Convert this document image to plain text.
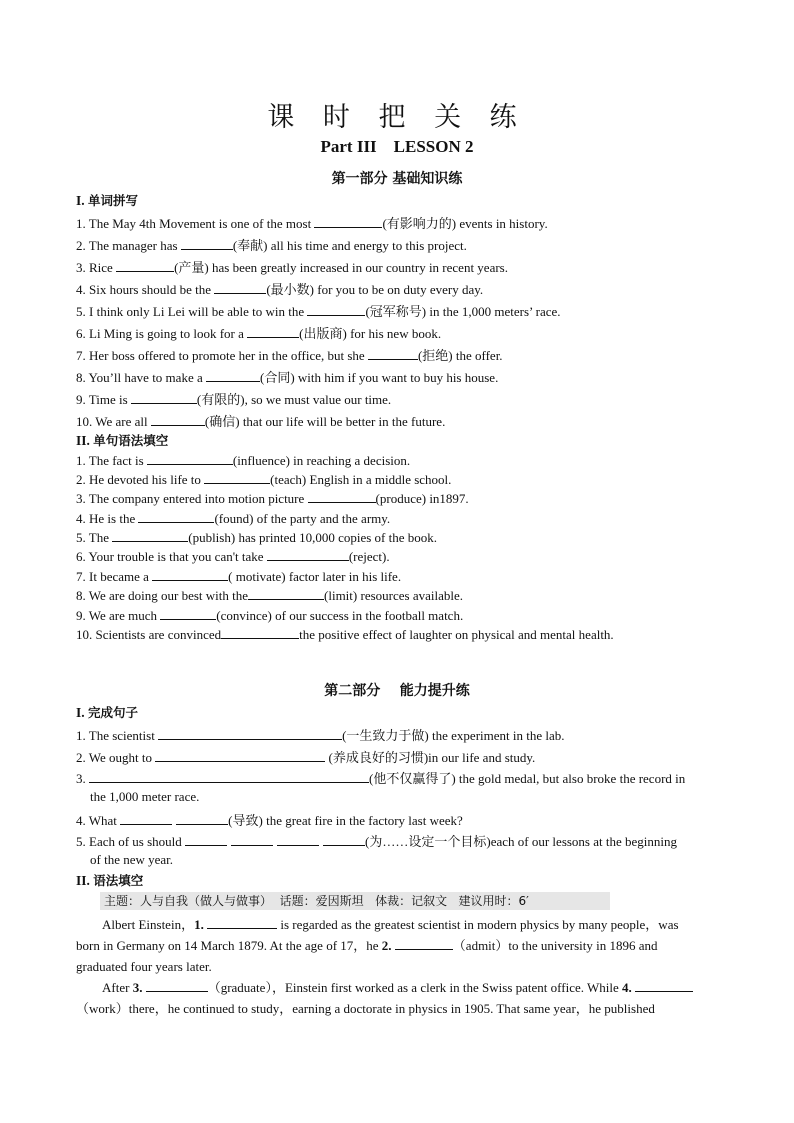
课 时 把 关 练
Part III    LESSON 2
第一部分 基础知识练
I. 单词拼写
1. The May 4th Movement is one of the most	(有影响力的) events in history.
2. The manager has	(奉献) all his time and energy to this project.
3. Rice	(产量) has been greatly increased in our country in recent years.
4. Six hours should be the	(最小数) for you to be on duty every day.
5. I think only Li Lei will be able to win the	(冠军称号) in the 1,000 meters’ race.
6. Li Ming is going to look for a	(出版商) for his new book.
7. Her boss offered to promote her in the office, but she	(拒绝) the offer.
8. You’ll have to make a	(合同) with him if you want to buy his house.
9. Time is	(有限的), so we must value our time.
10. We are all	(确信) that our life will be better in the future.
II. 单句语法填空
1. The fact is	(influence) in reaching a decision.
2. He devoted his life to	(teach) English in a middle school.
3. The company entered into motion picture	(produce) in1897.
4. He is the	(found) of the party and the army.
5. The	(publish) has printed 10,000 copies of the book.
6. Your trouble is that you can't take	(reject).
7. It became a	( motivate) factor later in his life.
8. We are doing our best with the	(limit) resources available.
9. We are much	(convince) of our success in the football match.
10. Scientists are convinced	the positive effect of laughter on physical and mental health.
第二部分    能力提升练
I. 完成句子
1. The scientist	(一生致力于做) the experiment in the lab.
2. We ought to	(养成良好的习惯)in our life and study.
3.	(他不仅赢得了) the gold medal, but also broke the record in
the 1,000 meter race.
4. What	(导致) the great fire in the factory last week?
5. Each of us should	(为……设定一个目标)each of our lessons at the beginning
of the new year.
II. 语法填空
主题：人与自我（做人与做事）  话题：爱因斯坦   体裁：记叙文   建议用时：6′
Albert Einstein，1.	is regarded as the greatest scientist in modern physics by many people，was
born in Germany on 14 March 1879. At the age of 17，he 2.	（admit）to the university in 1896 and
graduated four years later.
After 3.	（graduate），Einstein first worked as a clerk in the Swiss patent office. While 4.
（work）there，he continued to study，earning a doctorate in physics in 1905. That same year，he published
